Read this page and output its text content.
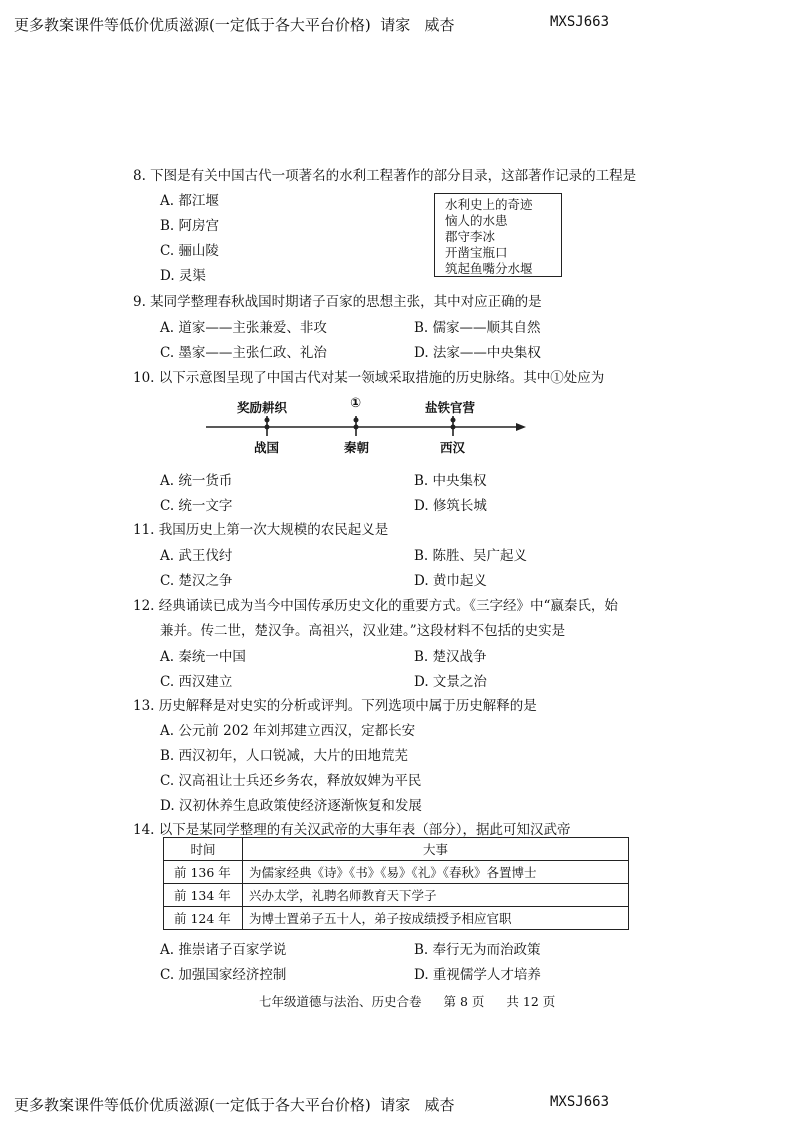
更多教案课件等低价优质滋源(一定低于各大平台价格)  请家   威杏	MXSJ663
8. 下图是有关中国古代一项著名的水利工程著作的部分目录，这部著作记录的工程是
A. 都江堰
B. 阿房宫
C. 骊山陵
D. 灵渠
水利史上的奇迹
恼人的水患
郡守李冰
开凿宝瓶口
筑起鱼嘴分水堰
9. 某同学整理春秋战国时期诸子百家的思想主张，其中对应正确的是
A. 道家——主张兼爱、非攻	B. 儒家——顺其自然
C. 墨家——主张仁政、礼治	D. 法家——中央集权
10. 以下示意图呈现了中国古代对某一领域采取措施的历史脉络。其中①处应为
奖励耕织	①	盐铁官营
战国	秦朝	西汉
A. 统一货币	B. 中央集权
C. 统一文字	D. 修筑长城
11. 我国历史上第一次大规模的农民起义是
A. 武王伐纣	B. 陈胜、吴广起义
C. 楚汉之争	D. 黄巾起义
12. 经典诵读已成为当今中国传承历史文化的重要方式。《三字经》中“嬴秦氏，始
兼并。传二世，楚汉争。高祖兴，汉业建。”这段材料不包括的史实是
A. 秦统一中国	B. 楚汉战争
C. 西汉建立	D. 文景之治
13. 历史解释是对史实的分析或评判。下列选项中属于历史解释的是
A. 公元前 202 年刘邦建立西汉，定都长安
B. 西汉初年，人口锐减，大片的田地荒芜
C. 汉高祖让士兵还乡务农，释放奴婢为平民
D. 汉初休养生息政策使经济逐渐恢复和发展
14. 以下是某同学整理的有关汉武帝的大事年表（部分），据此可知汉武帝
时间	大事
前 136 年	为儒家经典《诗》《书》《易》《礼》《春秋》各置博士
前 134 年	兴办太学，礼聘名师教育天下学子
前 124 年	为博士置弟子五十人，弟子按成绩授予相应官职
A. 推崇诸子百家学说	B. 奉行无为而治政策
C. 加强国家经济控制	D. 重视儒学人才培养
七年级道德与法治、历史合卷 第 8 页 共 12 页
更多教案课件等低价优质滋源(一定低于各大平台价格)  请家   威杏	MXSJ663
